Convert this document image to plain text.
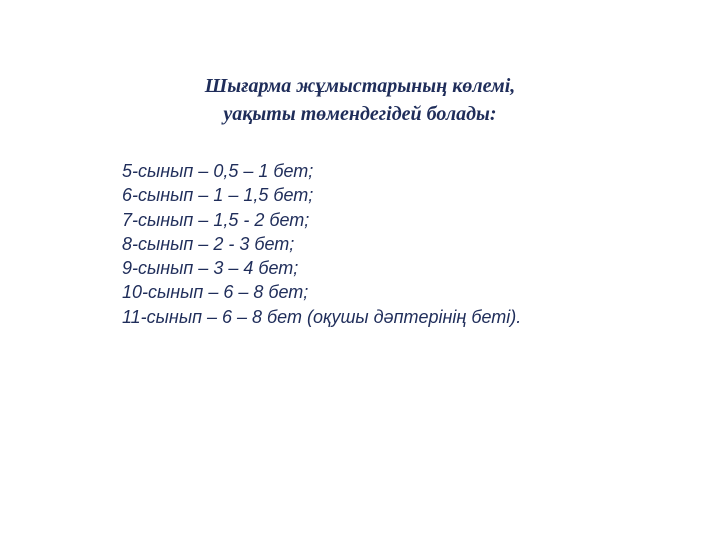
Шығарма жұмыстарының көлемі,
уақыты төмендегідей болады:
5-сынып – 0,5 – 1 бет;
6-сынып – 1 – 1,5 бет;
7-сынып – 1,5 - 2 бет;
8-сынып – 2 - 3 бет;
9-сынып – 3 – 4 бет;
10-сынып – 6 – 8 бет;
11-сынып – 6 – 8 бет (оқушы дәптерінің беті).
